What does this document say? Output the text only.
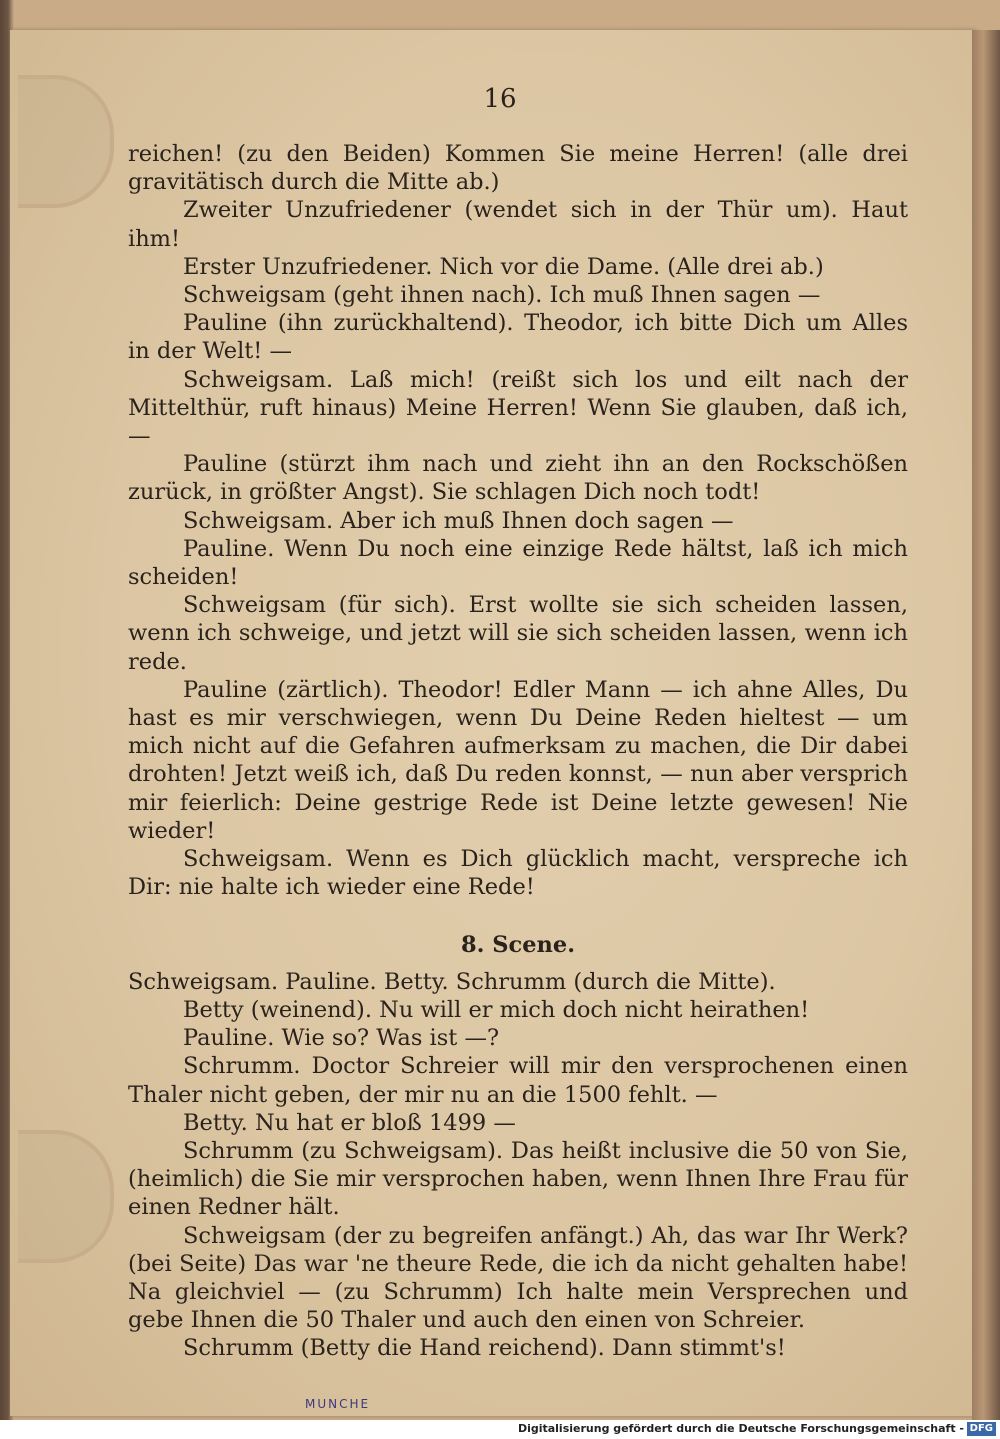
16

reichen! (zu den Beiden) Kommen Sie meine Herren! (alle drei gravitätisch durch die Mitte ab.)

Zweiter Unzufriedener (wendet sich in der Thür um). Haut ihm!

Erster Unzufriedener. Nich vor die Dame. (Alle drei ab.)

Schweigsam (geht ihnen nach). Ich muß Ihnen sagen —

Pauline (ihn zurückhaltend). Theodor, ich bitte Dich um Alles in der Welt! —

Schweigsam. Laß mich! (reißt sich los und eilt nach der Mittelthür, ruft hinaus) Meine Herren! Wenn Sie glauben, daß ich, —

Pauline (stürzt ihm nach und zieht ihn an den Rockschößen zurück, in größter Angst). Sie schlagen Dich noch todt!

Schweigsam. Aber ich muß Ihnen doch sagen —

Pauline. Wenn Du noch eine einzige Rede hältst, laß ich mich scheiden!

Schweigsam (für sich). Erst wollte sie sich scheiden lassen, wenn ich schweige, und jetzt will sie sich scheiden lassen, wenn ich rede.

Pauline (zärtlich). Theodor! Edler Mann — ich ahne Alles, Du hast es mir verschwiegen, wenn Du Deine Reden hieltest — um mich nicht auf die Gefahren aufmerksam zu machen, die Dir dabei drohten! Jetzt weiß ich, daß Du reden konnst, — nun aber versprich mir feierlich: Deine gestrige Rede ist Deine letzte gewesen! Nie wieder!

Schweigsam. Wenn es Dich glücklich macht, verspreche ich Dir: nie halte ich wieder eine Rede!

8. Scene.

Schweigsam. Pauline. Betty. Schrumm (durch die Mitte).

Betty (weinend). Nu will er mich doch nicht heirathen!

Pauline. Wie so? Was ist —?

Schrumm. Doctor Schreier will mir den versprochenen einen Thaler nicht geben, der mir nu an die 1500 fehlt. —

Betty. Nu hat er bloß 1499 —

Schrumm (zu Schweigsam). Das heißt inclusive die 50 von Sie, (heimlich) die Sie mir versprochen haben, wenn Ihnen Ihre Frau für einen Redner hält.

Schweigsam (der zu begreifen anfängt.) Ah, das war Ihr Werk? (bei Seite) Das war 'ne theure Rede, die ich da nicht gehalten habe! Na gleichviel — (zu Schrumm) Ich halte mein Versprechen und gebe Ihnen die 50 Thaler und auch den einen von Schreier.

Schrumm (Betty die Hand reichend). Dann stimmt's!

MUNCHE
Digitalisierung gefördert durch die Deutsche Forschungsgemeinschaft - DFG
